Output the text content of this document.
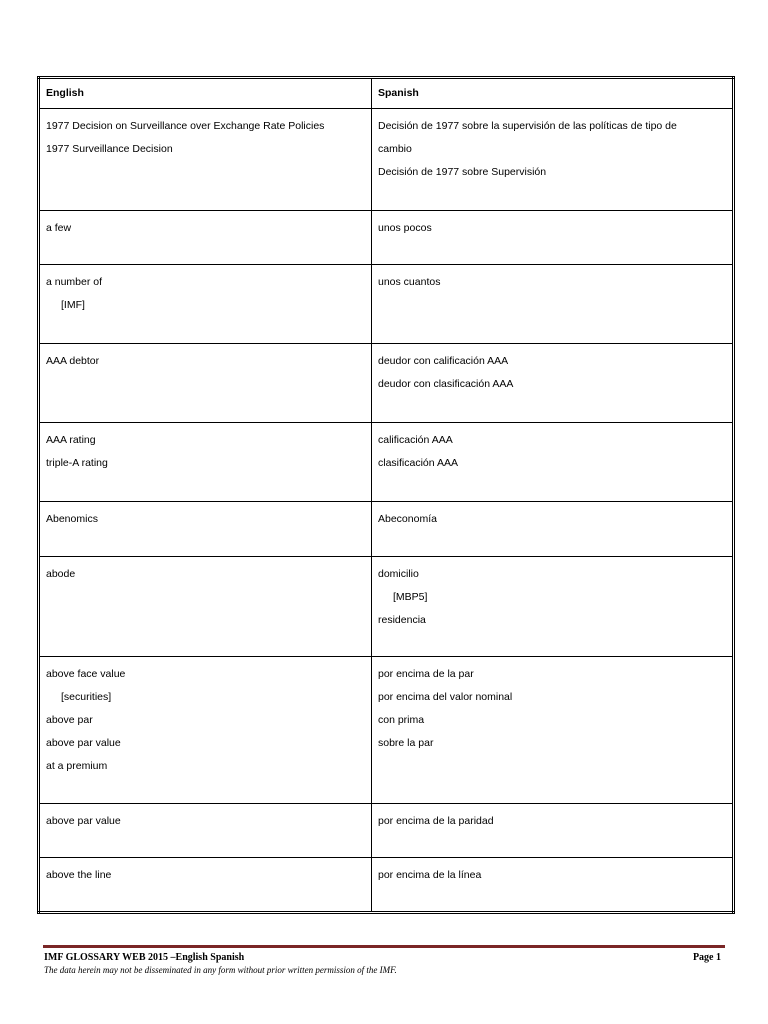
English	Spanish

1977 Decision on Surveillance over Exchange Rate Policies
1977 Surveillance Decision	Decisión de 1977 sobre la supervisión de las políticas de tipo de
cambio
Decisión de 1977 sobre Supervisión

a few	unos pocos

a number of
[IMF]	unos cuantos

AAA debtor	deudor con calificación AAA
deudor con clasificación AAA

AAA rating
triple-A rating	calificación AAA
clasificación AAA

Abenomics	Abeconomía

abode	domicilio
[MBP5]
residencia

above face value
[securities]
above par
above par value
at a premium	por encima de la par
por encima del valor nominal
con prima
sobre la par

above par value	por encima de la paridad

above the line	por encima de la línea
IMF GLOSSARY WEB 2015 –English Spanish	Page 1
The data herein may not be disseminated in any form without prior written permission of the IMF.
